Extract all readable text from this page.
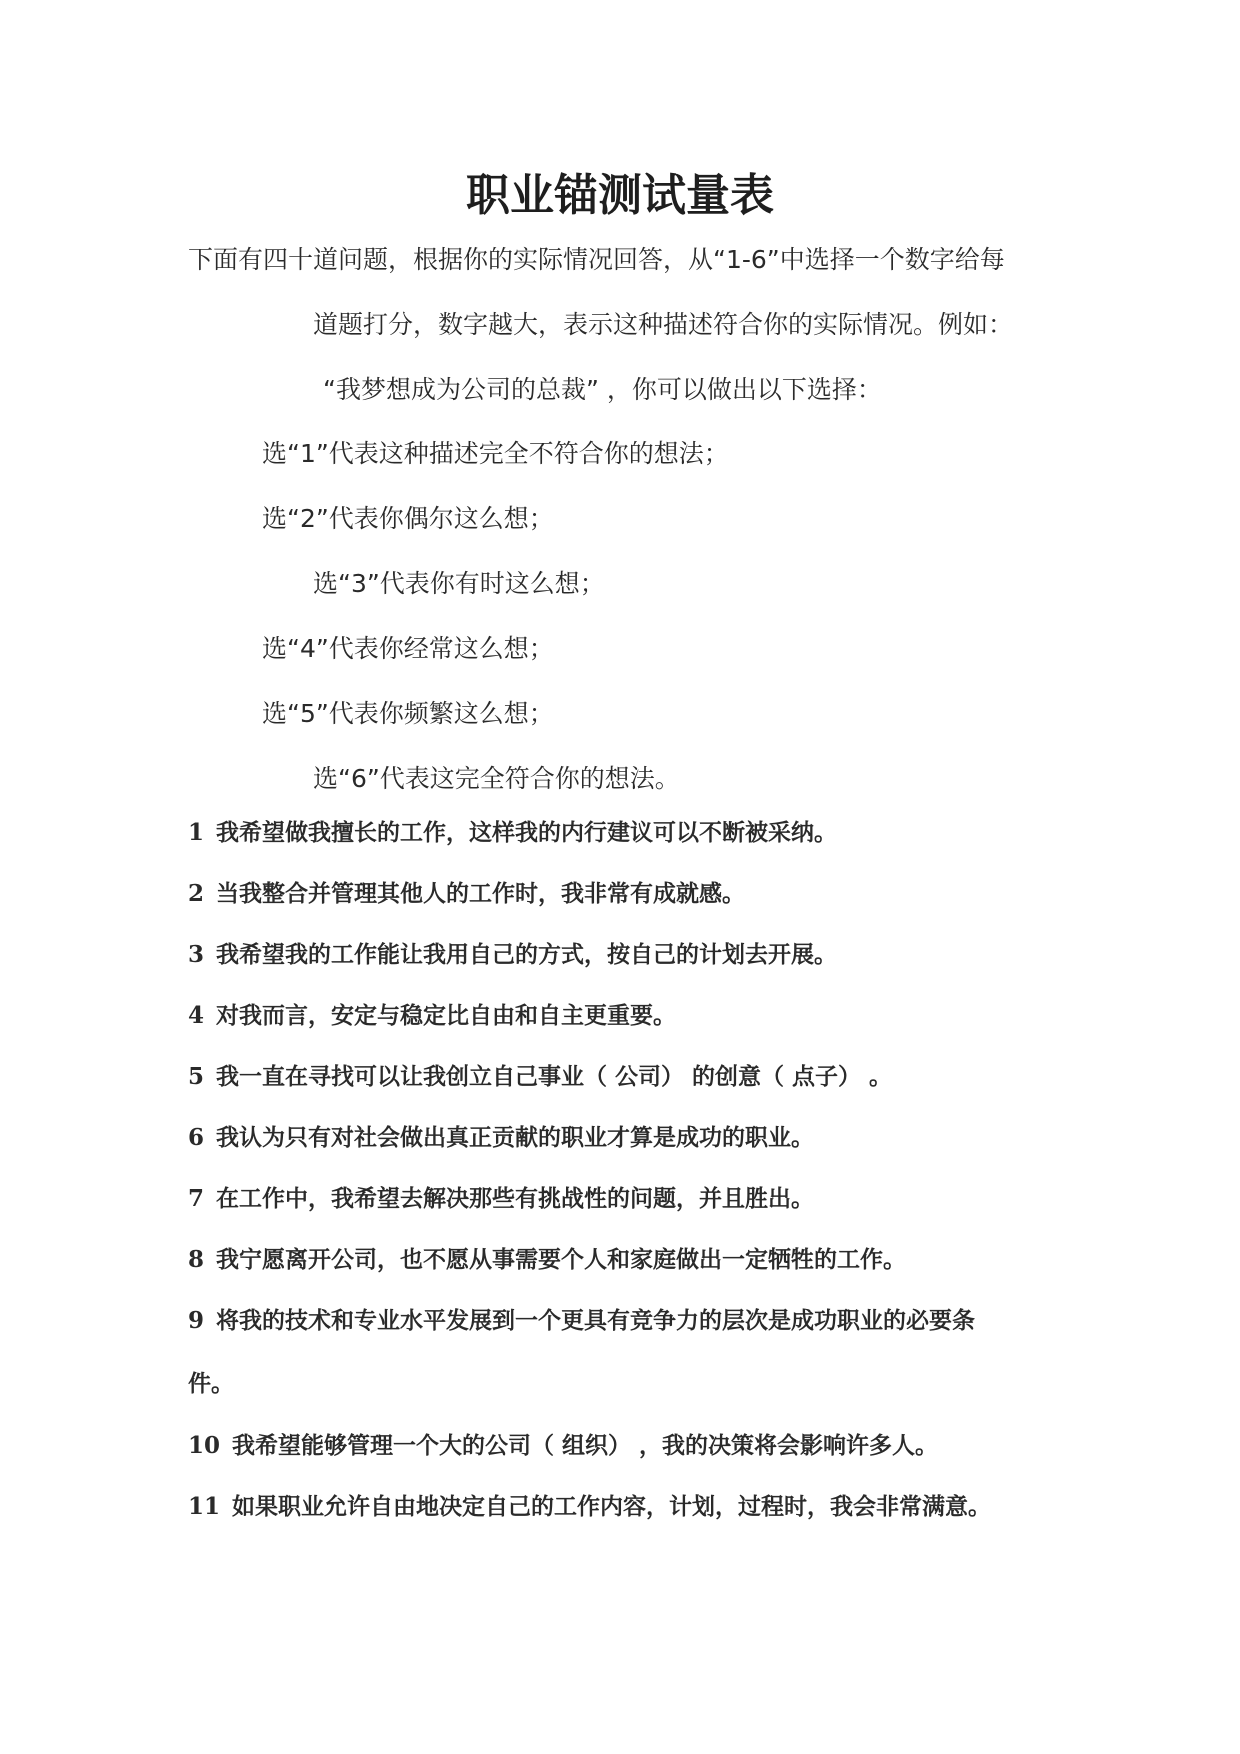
职业锚测试量表
下面有四十道问题，根据你的实际情况回答，从“1-6”中选择一个数字给每
道题打分，数字越大，表示这种描述符合你的实际情况。例如：
“我梦想成为公司的总裁” ，你可以做出以下选择：
选“1”代表这种描述完全不符合你的想法；
选“2”代表你偶尔这么想；
选“3”代表你有时这么想；
选“4”代表你经常这么想；
选“5”代表你频繁这么想；
选“6”代表这完全符合你的想法。
1 我希望做我擅长的工作，这样我的内行建议可以不断被采纳。
2 当我整合并管理其他人的工作时，我非常有成就感。
3 我希望我的工作能让我用自己的方式，按自己的计划去开展。
4 对我而言，安定与稳定比自由和自主更重要。
5 我一直在寻找可以让我创立自己事业（ 公司） 的创意（ 点子） 。
6 我认为只有对社会做出真正贡献的职业才算是成功的职业。
7 在工作中，我希望去解决那些有挑战性的问题，并且胜出。
8 我宁愿离开公司，也不愿从事需要个人和家庭做出一定牺牲的工作。
9 将我的技术和专业水平发展到一个更具有竞争力的层次是成功职业的必要条
件。
10 我希望能够管理一个大的公司（ 组织） ，我的决策将会影响许多人。
11 如果职业允许自由地决定自己的工作内容，计划，过程时，我会非常满意。
